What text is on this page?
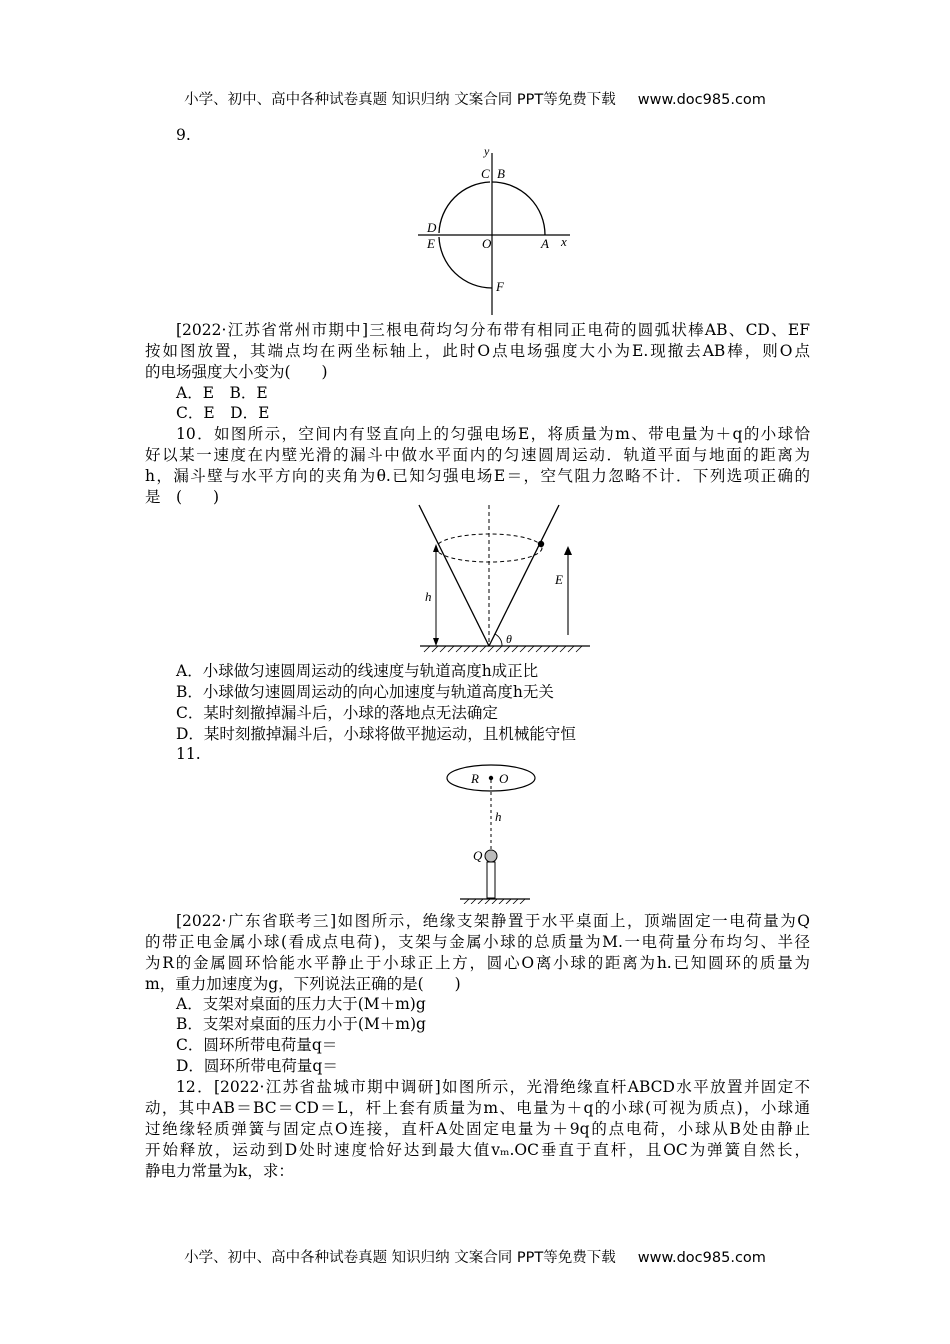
小学、初中、高中各种试卷真题 知识归纳 文案合同 PPT等免费下载 www.doc985.com
9.
y
x
C B
D
E	O	A
F
[2022·江苏省常州市期中]三根电荷均匀分布带有相同正电荷的圆弧状棒AB、CD、EF
按如图放置，其端点均在两坐标轴上，此时O点电场强度大小为E.现撤去AB棒，则O点
的电场强度大小变为(　　)
A．E　B．E
C．E　D．E
10．如图所示，空间内有竖直向上的匀强电场E，将质量为m、带电量为＋q的小球恰
好以某一速度在内壁光滑的漏斗中做水平面内的匀速圆周运动．轨道平面与地面的距离为
h，漏斗壁与水平方向的夹角为θ.已知匀强电场E＝，空气阻力忽略不计．下列选项正确的
是　(　　)
h
E
θ
A．小球做匀速圆周运动的线速度与轨道高度h成正比
B．小球做匀速圆周运动的向心加速度与轨道高度h无关
C．某时刻撤掉漏斗后，小球的落地点无法确定
D．某时刻撤掉漏斗后，小球将做平抛运动，且机械能守恒
11.
R O
h
Q
[2022·广东省联考三]如图所示，绝缘支架静置于水平桌面上，顶端固定一电荷量为Q
的带正电金属小球(看成点电荷)，支架与金属小球的总质量为M.一电荷量分布均匀、半径
为R的金属圆环恰能水平静止于小球正上方，圆心O离小球的距离为h.已知圆环的质量为
m，重力加速度为g，下列说法正确的是(　　)
A．支架对桌面的压力大于(M＋m)g
B．支架对桌面的压力小于(M＋m)g
C．圆环所带电荷量q＝
D．圆环所带电荷量q＝
12．[2022·江苏省盐城市期中调研]如图所示，光滑绝缘直杆ABCD水平放置并固定不
动，其中AB＝BC＝CD＝L，杆上套有质量为m、电量为＋q的小球(可视为质点)，小球通
过绝缘轻质弹簧与固定点O连接，直杆A处固定电量为＋9q的点电荷，小球从B处由静止
开始释放，运动到D处时速度恰好达到最大值vₘ.OC垂直于直杆，且OC为弹簧自然长，
静电力常量为k，求：
小学、初中、高中各种试卷真题 知识归纳 文案合同 PPT等免费下载 www.doc985.com
